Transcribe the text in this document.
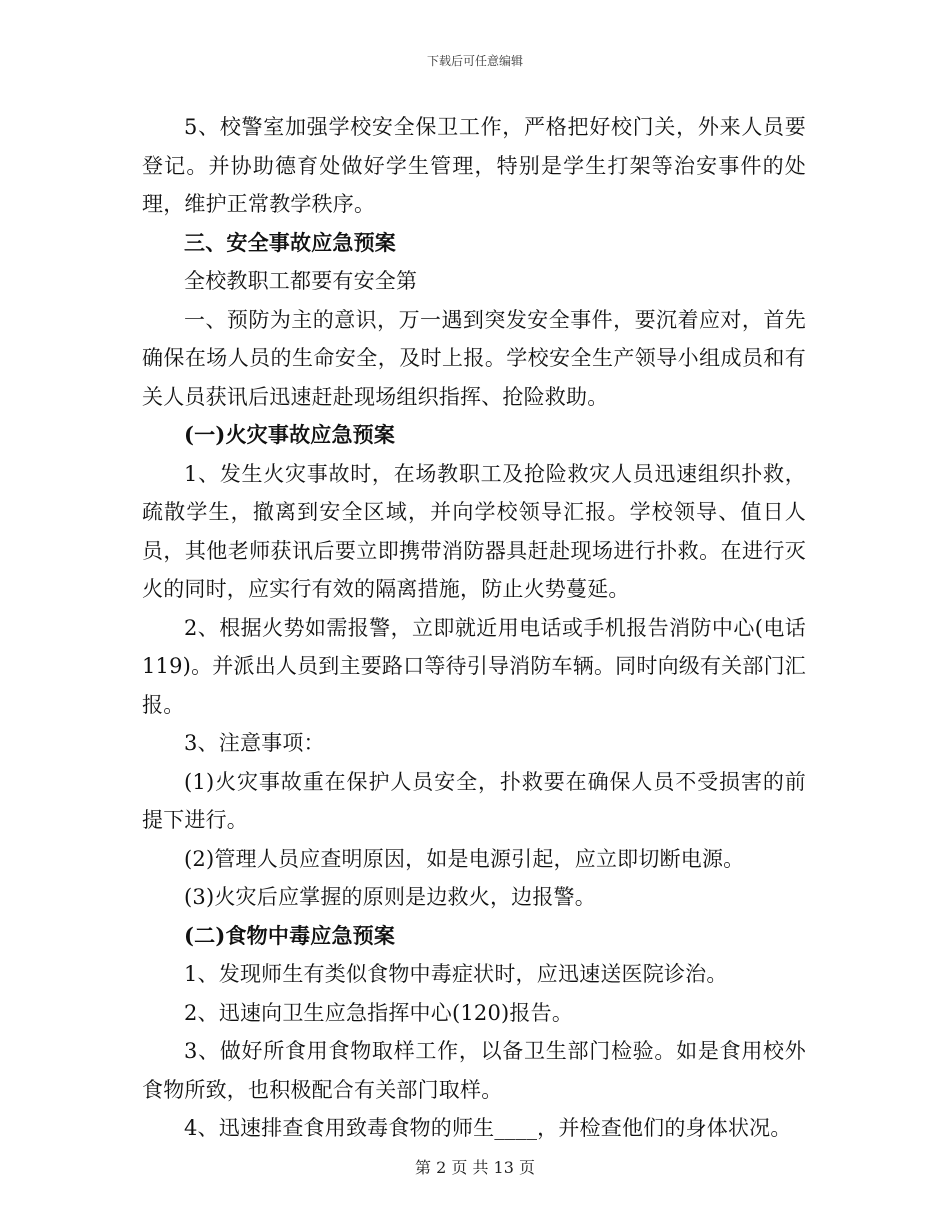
下载后可任意编辑

5、校警室加强学校安全保卫工作，严格把好校门关，外来人员要登记。并协助德育处做好学生管理，特别是学生打架等治安事件的处理，维护正常教学秩序。

三、安全事故应急预案

全校教职工都要有安全第

一、预防为主的意识，万一遇到突发安全事件，要沉着应对，首先确保在场人员的生命安全，及时上报。学校安全生产领导小组成员和有关人员获讯后迅速赶赴现场组织指挥、抢险救助。

(一)火灾事故应急预案

1、发生火灾事故时，在场教职工及抢险救灾人员迅速组织扑救，疏散学生，撤离到安全区域，并向学校领导汇报。学校领导、值日人员，其他老师获讯后要立即携带消防器具赶赴现场进行扑救。在进行灭火的同时，应实行有效的隔离措施，防止火势蔓延。

2、根据火势如需报警，立即就近用电话或手机报告消防中心(电话119)。并派出人员到主要路口等待引导消防车辆。同时向级有关部门汇报。

3、注意事项：

(1)火灾事故重在保护人员安全，扑救要在确保人员不受损害的前提下进行。

(2)管理人员应查明原因，如是电源引起，应立即切断电源。

(3)火灾后应掌握的原则是边救火，边报警。

(二)食物中毒应急预案

1、发现师生有类似食物中毒症状时，应迅速送医院诊治。

2、迅速向卫生应急指挥中心(120)报告。

3、做好所食用食物取样工作，以备卫生部门检验。如是食用校外食物所致，也积极配合有关部门取样。

4、迅速排查食用致毒食物的师生____，并检查他们的身体状况。

第 2 页 共 13 页
